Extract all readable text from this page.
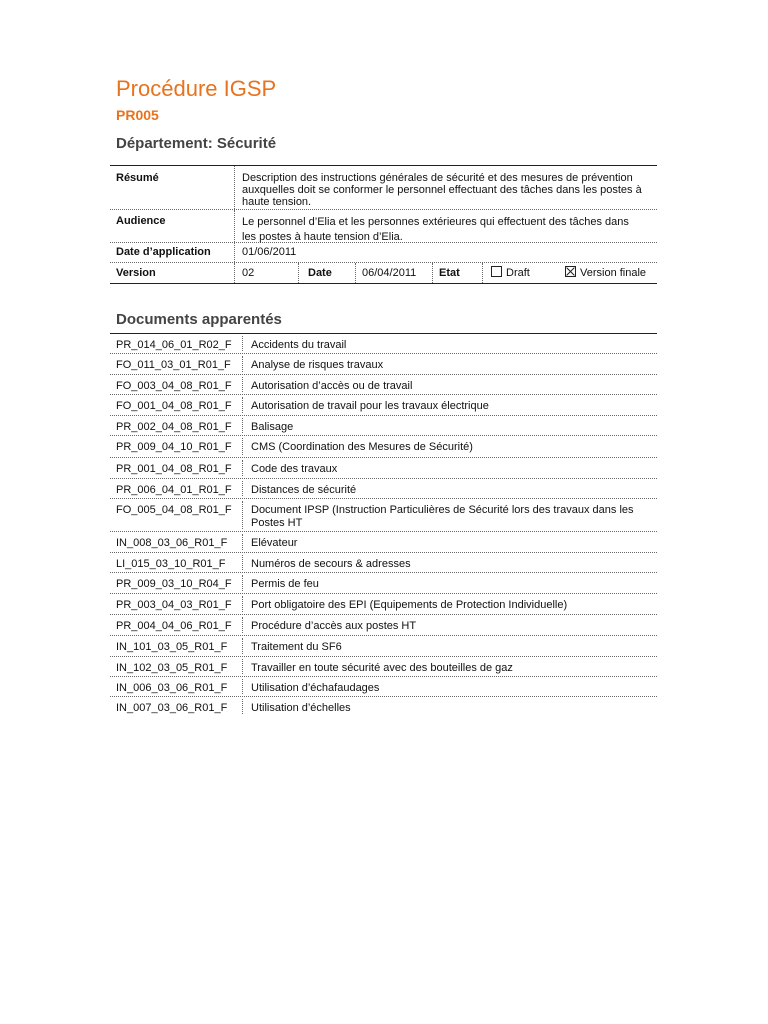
Procédure IGSP
PR005
Département: Sécurité
Résumé	Description des instructions générales de sécurité et des mesures de prévention auxquelles doit se conformer le personnel effectuant des tâches dans les postes à haute tension.
Audience	Le personnel d’Elia et les personnes extérieures qui effectuent des tâches dans les postes à haute tension d’Elia.
Date d’application	01/06/2011
Version	02	Date	06/04/2011 Etat	Draft	Version finale
Documents apparentés
PR_014_06_01_R02_F Accidents du travail
FO_011_03_01_R01_F Analyse de risques travaux
FO_003_04_08_R01_F Autorisation d’accès ou de travail
FO_001_04_08_R01_F Autorisation de travail pour les travaux électrique
PR_002_04_08_R01_F Balisage
PR_009_04_10_R01_F CMS (Coordination des Mesures de Sécurité)
PR_001_04_08_R01_F Code des travaux
PR_006_04_01_R01_F Distances de sécurité
FO_005_04_08_R01_F Document IPSP (Instruction Particulières de Sécurité lors des travaux dans les Postes HT
IN_008_03_06_R01_F Elévateur
LI_015_03_10_R01_F Numéros de secours & adresses
PR_009_03_10_R04_F Permis de feu
PR_003_04_03_R01_F Port obligatoire des EPI (Equipements de Protection Individuelle)
PR_004_04_06_R01_F Procédure d’accès aux postes HT
IN_101_03_05_R01_F Traitement du SF6
IN_102_03_05_R01_F Travailler en toute sécurité avec des bouteilles de gaz
IN_006_03_06_R01_F Utilisation d’échafaudages
IN_007_03_06_R01_F Utilisation d’échelles
